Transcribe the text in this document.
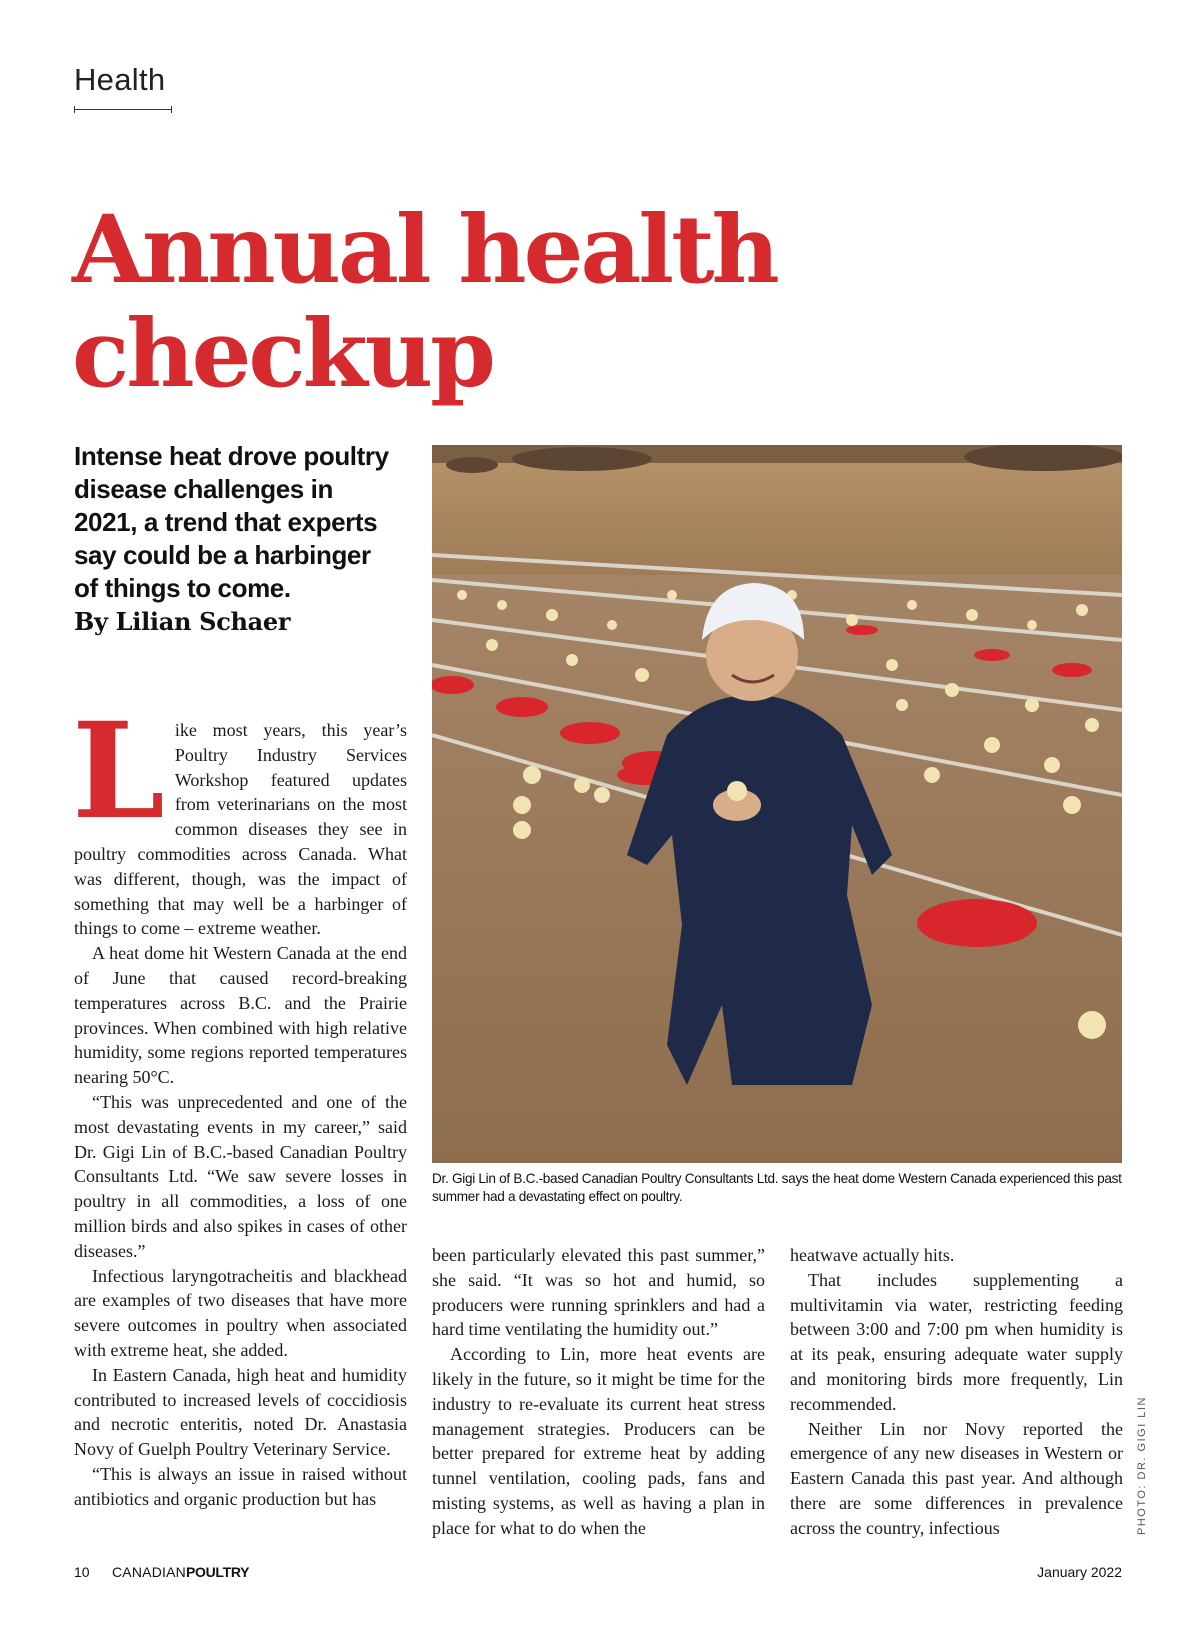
Health
Annual health checkup
Intense heat drove poultry disease challenges in 2021, a trend that experts say could be a harbinger of things to come.
By Lilian Schaer
Dr. Gigi Lin of B.C.-based Canadian Poultry Consultants Ltd. says the heat dome Western Canada experienced this past summer had a devastating effect on poultry.
PHOTO: DR. GIGI LIN
L ike most years, this year’s Poultry Industry Services Workshop featured updates from veterinarians on the most common diseases they see in poultry commodities across Canada. What was different, though, was the impact of something that may well be a harbinger of things to come – extreme weather.

A heat dome hit Western Canada at the end of June that caused record-breaking temperatures across B.C. and the Prairie provinces. When combined with high relative humidity, some regions reported temperatures nearing 50°C.

“This was unprecedented and one of the most devastating events in my career,” said Dr. Gigi Lin of B.C.-based Canadian Poultry Consultants Ltd. “We saw severe losses in poultry in all commodities, a loss of one million birds and also spikes in cases of other diseases.”

Infectious laryngotracheitis and blackhead are examples of two diseases that have more severe outcomes in poultry when associated with extreme heat, she added.

In Eastern Canada, high heat and humidity contributed to increased levels of coccidiosis and necrotic enteritis, noted Dr. Anastasia Novy of Guelph Poultry Veterinary Service.

“This is always an issue in raised without antibiotics and organic production but has

been particularly elevated this past summer,” she said. “It was so hot and humid, so producers were running sprinklers and had a hard time ventilating the humidity out.”

According to Lin, more heat events are likely in the future, so it might be time for the industry to re-evaluate its current heat stress management strategies. Producers can be better prepared for extreme heat by adding tunnel ventilation, cooling pads, fans and misting systems, as well as having a plan in place for what to do when the

heatwave actually hits.

That includes supplementing a multivitamin via water, restricting feeding between 3:00 and 7:00 pm when humidity is at its peak, ensuring adequate water supply and monitoring birds more frequently, Lin recommended.

Neither Lin nor Novy reported the emergence of any new diseases in Western or Eastern Canada this past year. And although there are some differences in prevalence across the country, infectious

10 CANADIANPOULTRY	January 2022
